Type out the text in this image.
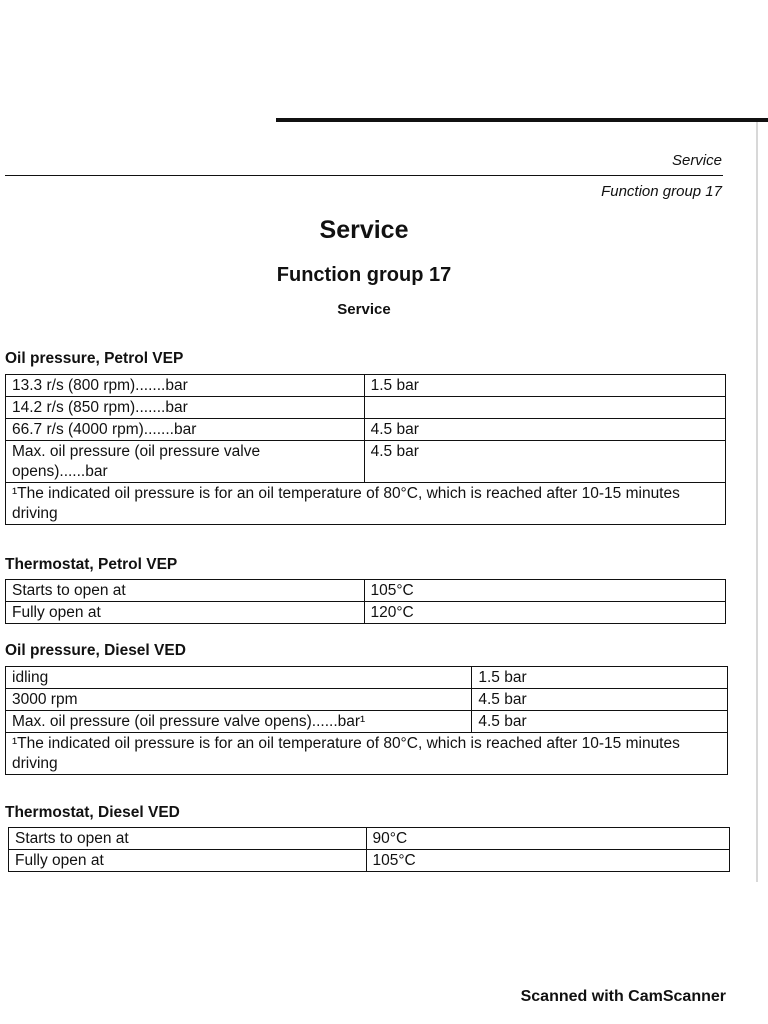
Service
Function group 17
Service
Function group 17
Service
Oil pressure, Petrol VEP
13.3 r/s (800 rpm).......bar	1.5 bar
14.2 r/s (850 rpm).......bar	
66.7 r/s (4000 rpm).......bar	4.5 bar
Max. oil pressure (oil pressure valve opens)......bar	4.5 bar
¹The indicated oil pressure is for an oil temperature of 80°C, which is reached after 10-15 minutes driving	
Thermostat, Petrol VEP
Starts to open at	105°C
Fully open at	120°C
Oil pressure, Diesel VED
idling	1.5 bar
3000 rpm	4.5 bar
Max. oil pressure (oil pressure valve opens)......bar¹	4.5 bar
¹The indicated oil pressure is for an oil temperature of 80°C, which is reached after 10-15 minutes driving	
Thermostat, Diesel VED
Starts to open at	90°C
Fully open at	105°C
Scanned with CamScanner
